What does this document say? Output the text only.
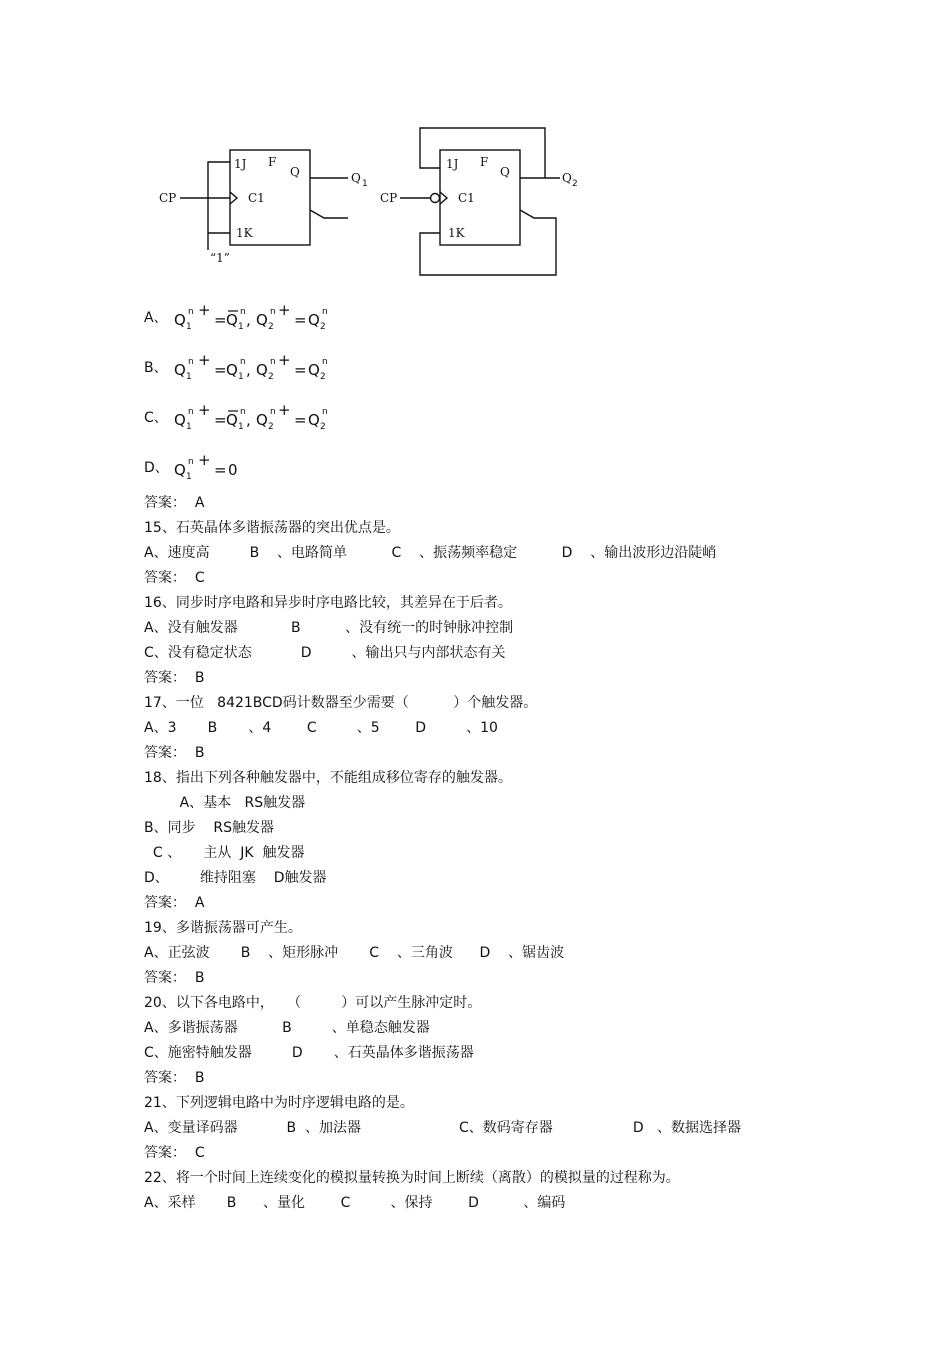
1J F
Q
C1
1K
CP
Q 1
“1”
1J F
Q
C1
1K
CP
Q 2
A、 Q 1
n +
= Q 1
n , Q 2
n +
= Q 2
n
B、 Q 1
n +
= Q 1
n , Q 2
n +
= Q 2
n
C、 Q 1
n +
= Q 1
n , Q 2
n +
= Q 2
n
D、 Q 1
n +
= 0
答案：  A
15、石英晶体多谐振荡器的突出优点是。
A、速度高         B    、电路简单          C    、振荡频率稳定          D    、输出波形边沿陡峭
答案：  C
16、同步时序电路和异步时序电路比较，其差异在于后者。
A、没有触发器            B          、没有统一的时钟脉冲控制
C、没有稳定状态           D         、输出只与内部状态有关
答案：  B
17、一位   8421BCD码计数器至少需要（          ）个触发器。
A、3       B       、4        C         、5        D         、10
答案：  B
18、指出下列各种触发器中，不能组成移位寄存的触发器。
A、基本   RS触发器
B、同步    RS触发器
C 、     主从  JK  触发器
D、       维持阻塞    D触发器
答案：  A
A、正弦波       B    、矩形脉冲       C    、三角波      D    、锯齿波
19、多谐振荡器可产生。
答案：  B
20、以下各电路中，   （         ）可以产生脉冲定时。
A、多谐振荡器          B         、单稳态触发器
C、施密特触发器         D       、石英晶体多谐振荡器
答案：  B
21、下列逻辑电路中为时序逻辑电路的是。
A、变量译码器           B  、加法器                      C、数码寄存器                  D   、数据选择器
答案：  C
22、将一个时间上连续变化的模拟量转换为时间上断续（离散）的模拟量的过程称为。
A、采样       B      、量化        C         、保持        D          、编码
